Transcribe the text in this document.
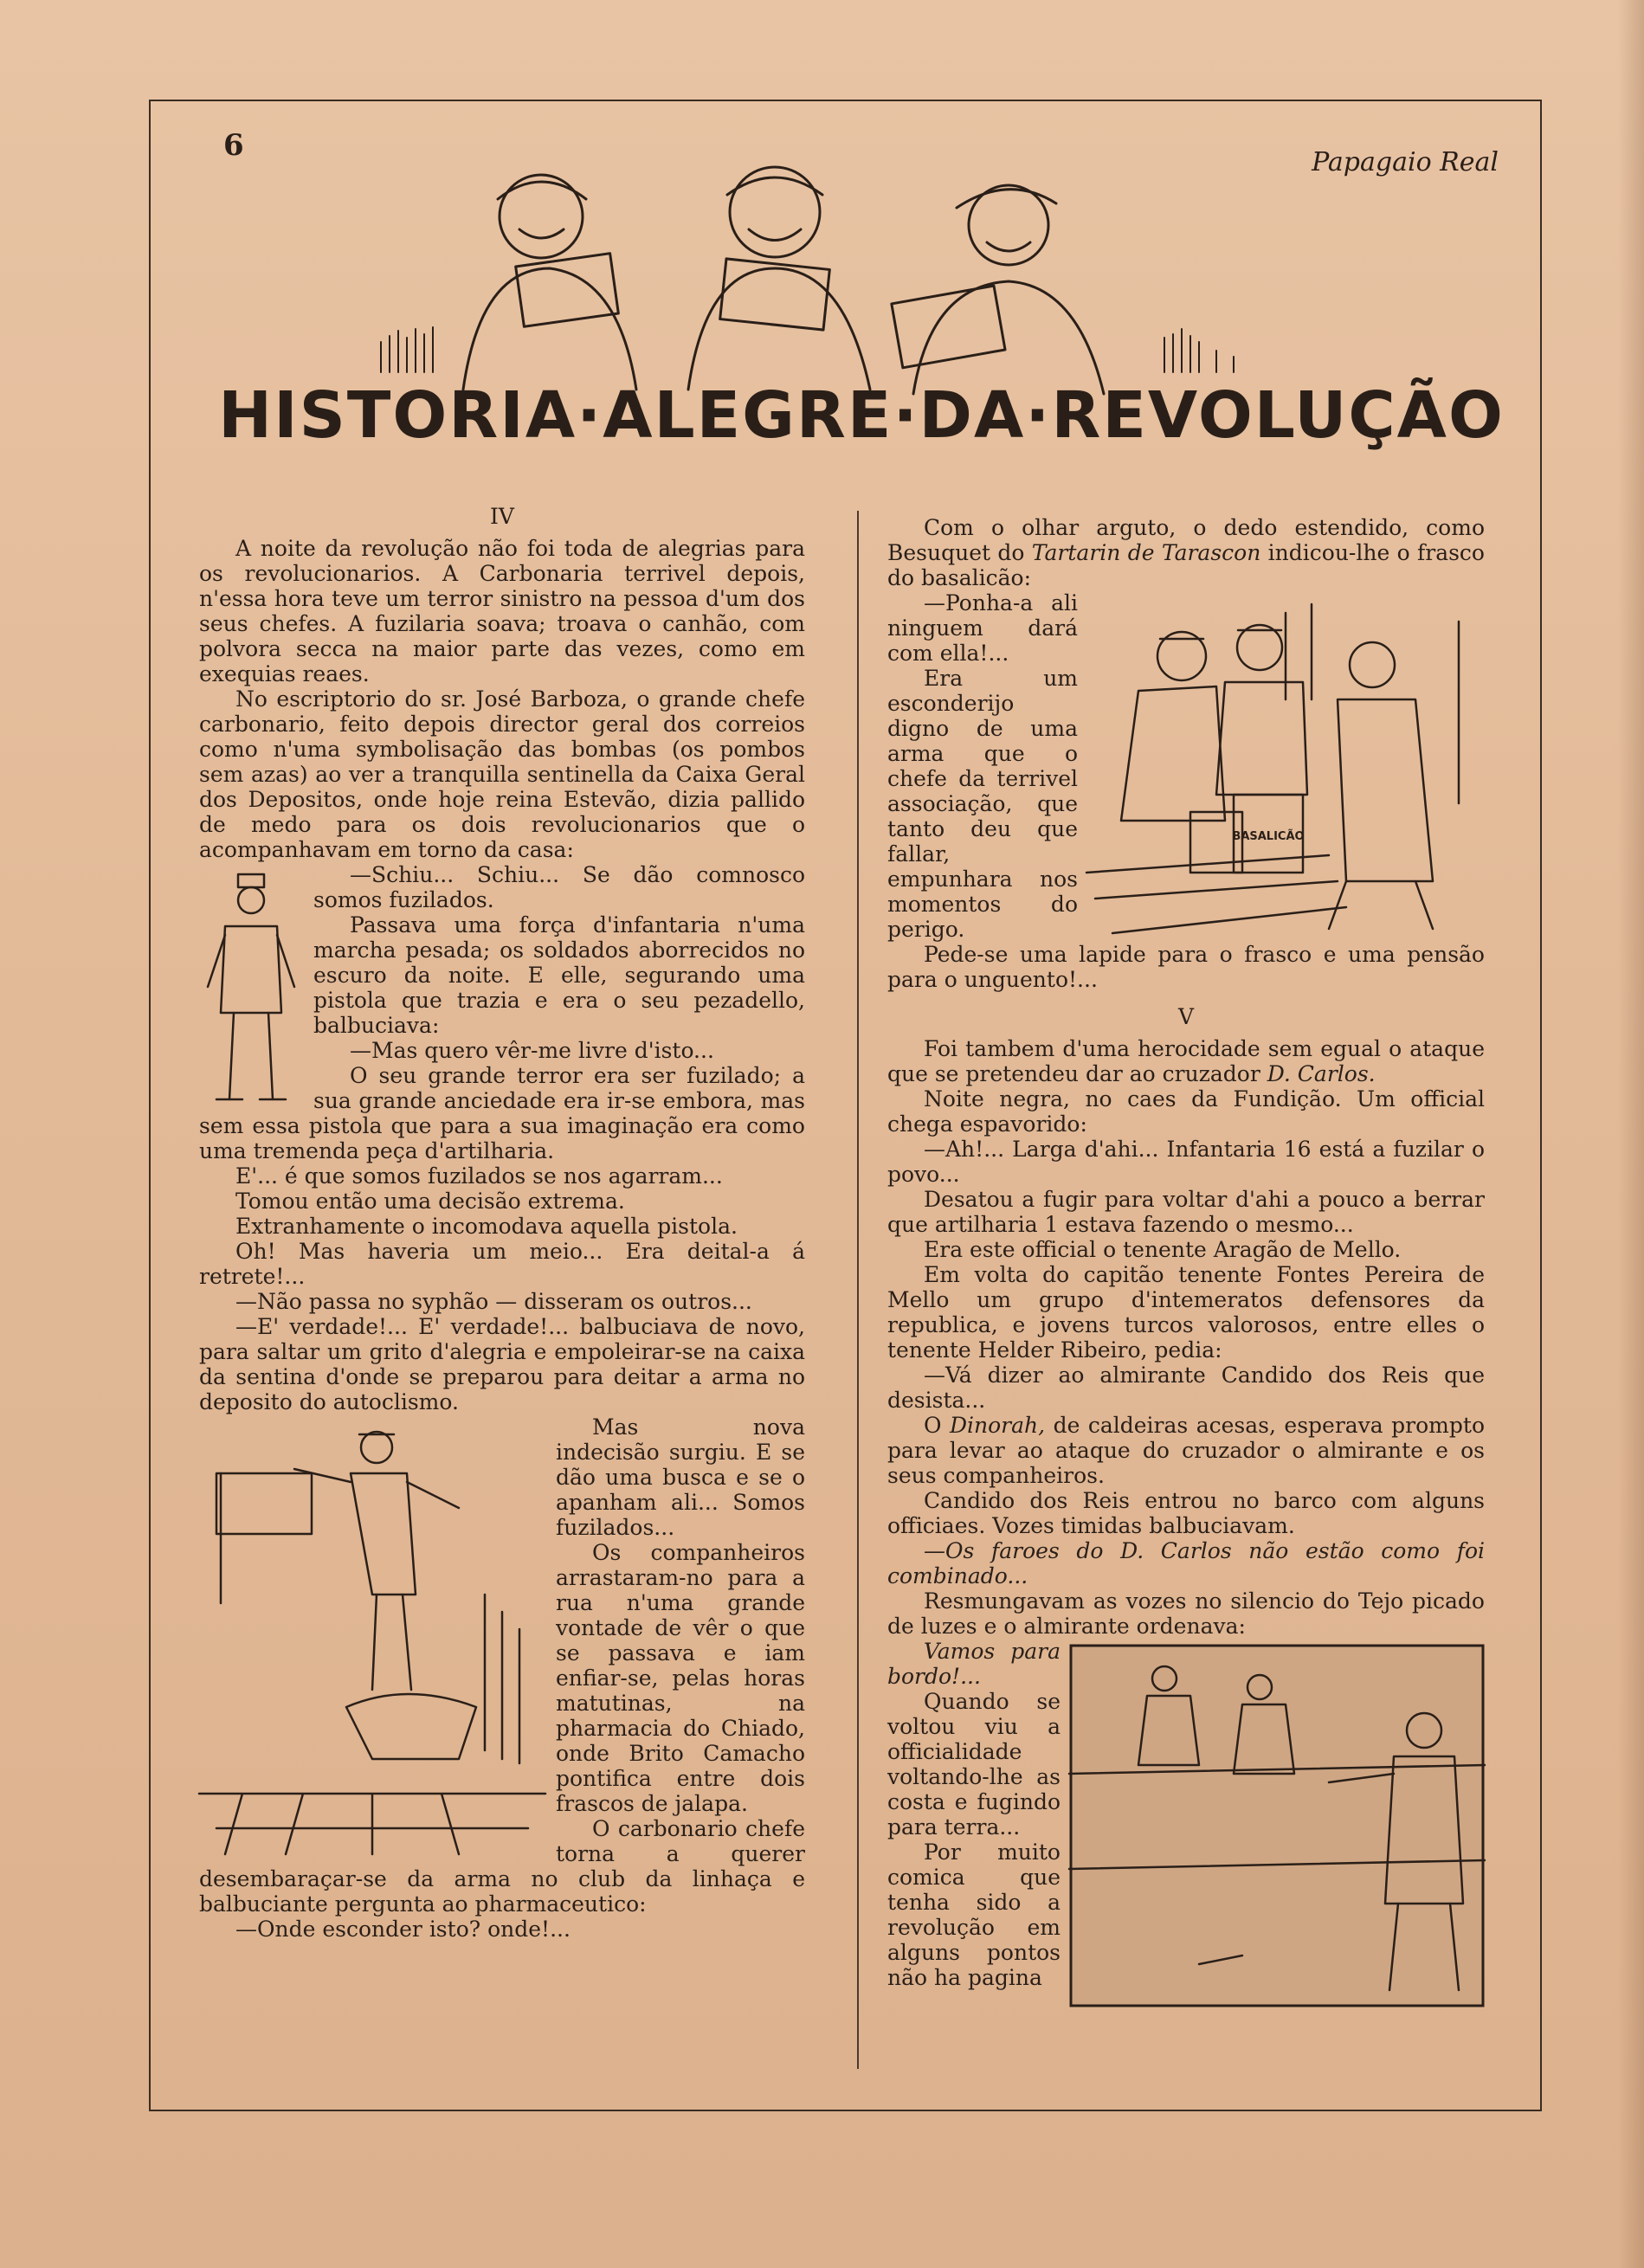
6	Papagaio Real
HISTORIA·ALEGRE·DA·REVOLUÇÃO
IV

A noite da revolução não foi toda de alegrias para os revolucionarios. A Carbonaria terrivel depois, n'essa hora teve um terror sinistro na pessoa d'um dos seus chefes. A fuzilaria soava; troava o canhão, com polvora secca na maior parte das vezes, como em exequias reaes.

No escriptorio do sr. José Barboza, o grande chefe carbonario, feito depois director geral dos correios como n'uma symbolisação das bombas (os pombos sem azas) ao ver a tranquilla sentinella da Caixa Geral dos Depositos, onde hoje reina Estevão, dizia pallido de medo para os dois revolucionarios que o acompanhavam em torno da casa:

—Schiu... Schiu... Se dão comnosco somos fuzilados.

Passava uma força d'infantaria n'uma marcha pesada; os soldados aborrecidos no escuro da noite. E elle, segurando uma pistola que trazia e era o seu pezadello, balbuciava:

—Mas quero vêr-me livre d'isto...

O seu grande terror era ser fuzilado; a sua grande anciedade era ir-se embora, mas sem essa pistola que para a sua imaginação era como uma tremenda peça d'artilharia.

E'... é que somos fuzilados se nos agarram...

Tomou então uma decisão extrema.

Extranhamente o incomodava aquella pistola.

Oh! Mas haveria um meio... Era deital-a á retrete!...

—Não passa no syphão — disseram os outros...

—E' verdade!... E' verdade!... balbuciava de novo, para saltar um grito d'alegria e empoleirar-se na caixa da sentina d'onde se preparou para deitar a arma no deposito do autoclismo.

Mas nova indecisão surgiu. E se dão uma busca e se o apanham ali... Somos fuzilados...

Os companheiros arrastaram-no para a rua n'uma grande vontade de vêr o que se passava e iam enfiar-se, pelas horas matutinas, na pharmacia do Chiado, onde Brito Camacho pontifica entre dois frascos de jalapa.

O carbonario chefe torna a querer desembaraçar-se da arma no club da linhaça e balbuciante pergunta ao pharmaceutico:

—Onde esconder isto? onde!...

Com o olhar arguto, o dedo estendido, como Besuquet do Tartarin de Tarascon indicou-lhe o frasco do basalicão:

BASALICÃO

—Ponha-a ali ninguem dará com ella!...

Era um esconderijo digno de uma arma que o chefe da terrivel associação, que tanto deu que fallar, empunhara nos momentos do perigo.

Pede-se uma lapide para o frasco e uma pensão para o unguento!...

V

Foi tambem d'uma herocidade sem egual o ataque que se pretendeu dar ao cruzador D. Carlos.

Noite negra, no caes da Fundição. Um official chega espavorido:

—Ah!... Larga d'ahi... Infantaria 16 está a fuzilar o povo...

Desatou a fugir para voltar d'ahi a pouco a berrar que artilharia 1 estava fazendo o mesmo...

Era este official o tenente Aragão de Mello.

Em volta do capitão tenente Fontes Pereira de Mello um grupo d'intemeratos defensores da republica, e jovens turcos valorosos, entre elles o tenente Helder Ribeiro, pedia:

—Vá dizer ao almirante Candido dos Reis que desista...

O Dinorah, de caldeiras acesas, esperava prompto para levar ao ataque do cruzador o almirante e os seus companheiros.

Candido dos Reis entrou no barco com alguns officiaes. Vozes timidas balbuciavam.

—Os faroes do D. Carlos não estão como foi combinado...

Resmungavam as vozes no silencio do Tejo picado de luzes e o almirante ordenava:

Vamos para bordo!...

Quando se voltou viu a officialidade voltando-lhe as costa e fugindo para terra...

Por muito comica que tenha sido a revolução em alguns pontos não ha pagina
